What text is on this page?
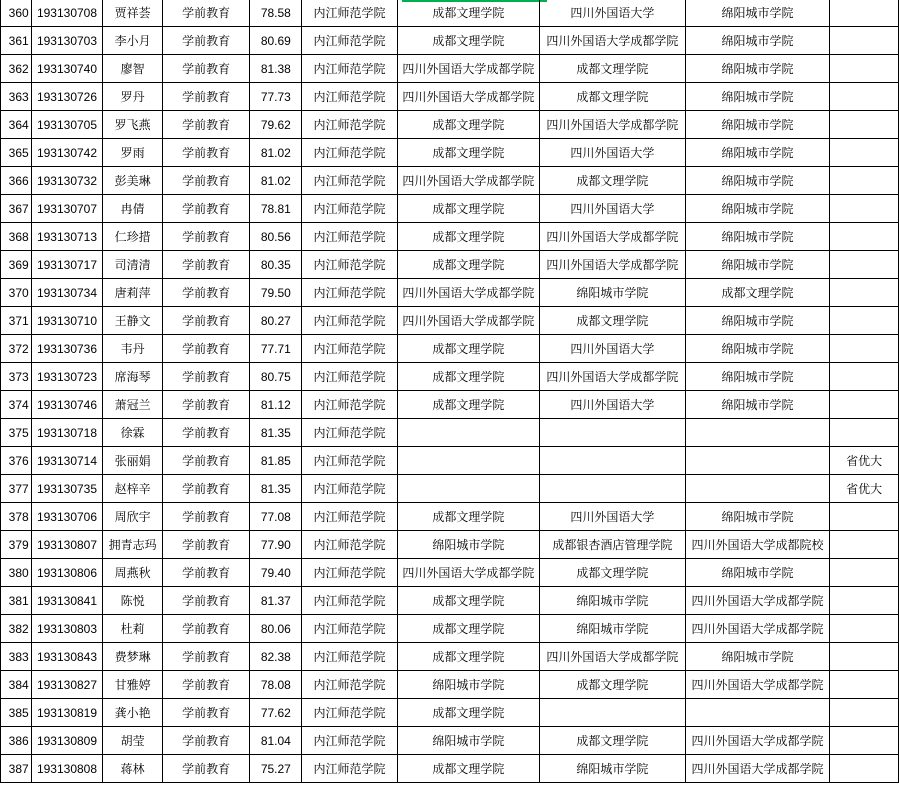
360	193130708	贾祥荟	学前教育	78.58	内江师范学院	成都文理学院	四川外国语大学	绵阳城市学院	
361	193130703	李小月	学前教育	80.69	内江师范学院	成都文理学院	四川外国语大学成都学院	绵阳城市学院	
362	193130740	廖智	学前教育	81.38	内江师范学院	四川外国语大学成都学院	成都文理学院	绵阳城市学院	
363	193130726	罗丹	学前教育	77.73	内江师范学院	四川外国语大学成都学院	成都文理学院	绵阳城市学院	
364	193130705	罗飞燕	学前教育	79.62	内江师范学院	成都文理学院	四川外国语大学成都学院	绵阳城市学院	
365	193130742	罗雨	学前教育	81.02	内江师范学院	成都文理学院	四川外国语大学	绵阳城市学院	
366	193130732	彭美琳	学前教育	81.02	内江师范学院	四川外国语大学成都学院	成都文理学院	绵阳城市学院	
367	193130707	冉倩	学前教育	78.81	内江师范学院	成都文理学院	四川外国语大学	绵阳城市学院	
368	193130713	仁珍措	学前教育	80.56	内江师范学院	成都文理学院	四川外国语大学成都学院	绵阳城市学院	
369	193130717	司清清	学前教育	80.35	内江师范学院	成都文理学院	四川外国语大学成都学院	绵阳城市学院	
370	193130734	唐莉萍	学前教育	79.50	内江师范学院	四川外国语大学成都学院	绵阳城市学院	成都文理学院	
371	193130710	王静文	学前教育	80.27	内江师范学院	四川外国语大学成都学院	成都文理学院	绵阳城市学院	
372	193130736	韦丹	学前教育	77.71	内江师范学院	成都文理学院	四川外国语大学	绵阳城市学院	
373	193130723	席海琴	学前教育	80.75	内江师范学院	成都文理学院	四川外国语大学成都学院	绵阳城市学院	
374	193130746	萧冠兰	学前教育	81.12	内江师范学院	成都文理学院	四川外国语大学	绵阳城市学院	
375	193130718	徐霖	学前教育	81.35	内江师范学院				
376	193130714	张丽娟	学前教育	81.85	内江师范学院				省优大
377	193130735	赵梓辛	学前教育	81.35	内江师范学院				省优大
378	193130706	周欣宇	学前教育	77.08	内江师范学院	成都文理学院	四川外国语大学	绵阳城市学院	
379	193130807	拥青志玛	学前教育	77.90	内江师范学院	绵阳城市学院	成都银杏酒店管理学院	四川外国语大学成都院校	
380	193130806	周燕秋	学前教育	79.40	内江师范学院	四川外国语大学成都学院	成都文理学院	绵阳城市学院	
381	193130841	陈悦	学前教育	81.37	内江师范学院	成都文理学院	绵阳城市学院	四川外国语大学成都学院	
382	193130803	杜莉	学前教育	80.06	内江师范学院	成都文理学院	绵阳城市学院	四川外国语大学成都学院	
383	193130843	费梦琳	学前教育	82.38	内江师范学院	成都文理学院	四川外国语大学成都学院	绵阳城市学院	
384	193130827	甘雅婷	学前教育	78.08	内江师范学院	绵阳城市学院	成都文理学院	四川外国语大学成都学院	
385	193130819	龚小艳	学前教育	77.62	内江师范学院	成都文理学院			
386	193130809	胡莹	学前教育	81.04	内江师范学院	绵阳城市学院	成都文理学院	四川外国语大学成都学院	
387	193130808	蒋林	学前教育	75.27	内江师范学院	成都文理学院	绵阳城市学院	四川外国语大学成都学院	
